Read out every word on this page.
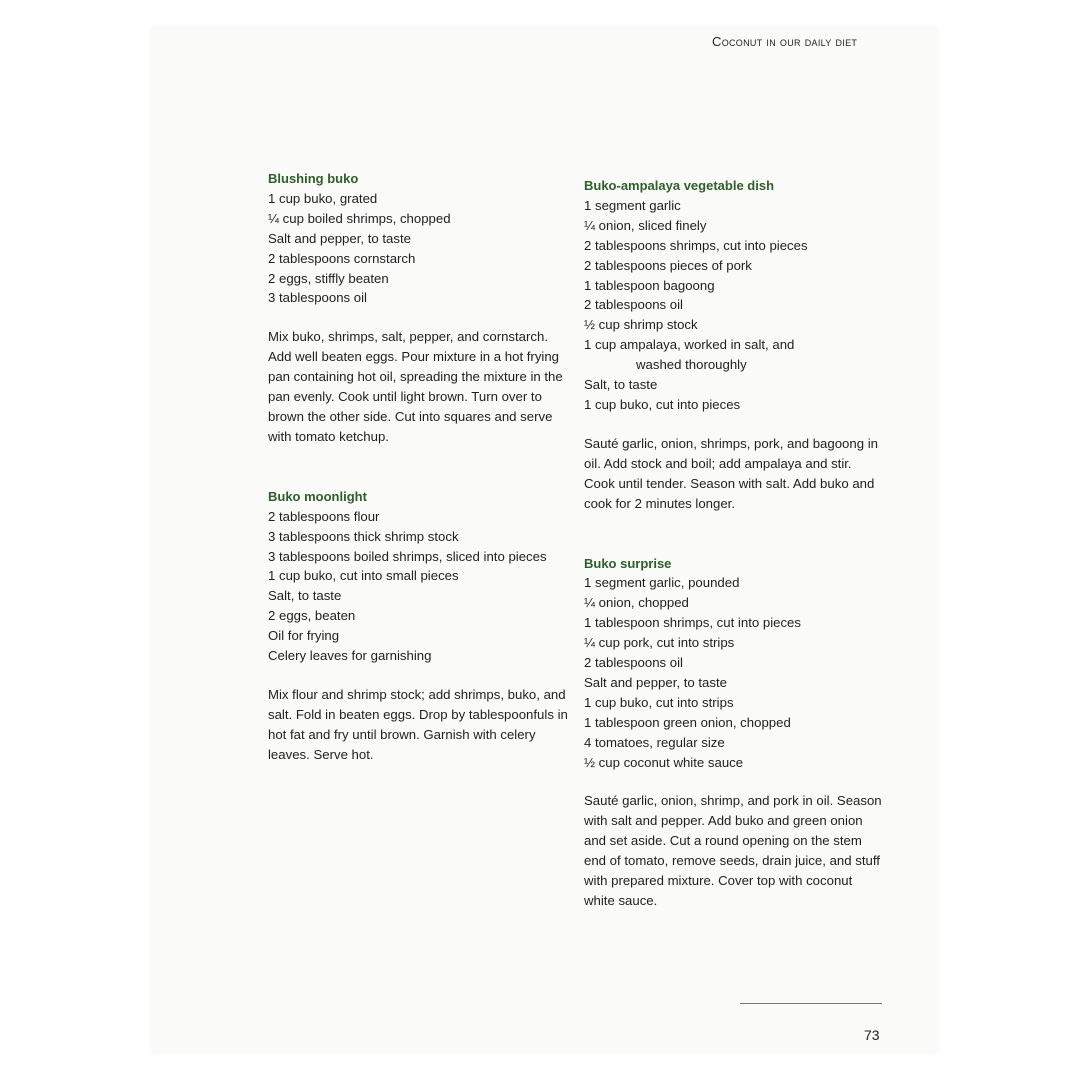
Coconut in our daily diet
Blushing buko
1 cup buko, grated
¼ cup boiled shrimps, chopped
Salt and pepper, to taste
2 tablespoons cornstarch
2 eggs, stiffly beaten
3 tablespoons oil

Mix buko, shrimps, salt, pepper, and cornstarch. Add well beaten eggs. Pour mixture in a hot frying pan containing hot oil, spreading the mixture in the pan evenly. Cook until light brown. Turn over to brown the other side. Cut into squares and serve with tomato ketchup.

Buko moonlight
2 tablespoons flour
3 tablespoons thick shrimp stock
3 tablespoons boiled shrimps, sliced into pieces
1 cup buko, cut into small pieces
Salt, to taste
2 eggs, beaten
Oil for frying
Celery leaves for garnishing

Mix flour and shrimp stock; add shrimps, buko, and salt. Fold in beaten eggs. Drop by tablespoonfuls in hot fat and fry until brown. Garnish with celery leaves. Serve hot.

Buko-ampalaya vegetable dish
1 segment garlic
¼ onion, sliced finely
2 tablespoons shrimps, cut into pieces
2 tablespoons pieces of pork
1 tablespoon bagoong
2 tablespoons oil
½ cup shrimp stock
1 cup ampalaya, worked in salt, and
washed thoroughly
Salt, to taste
1 cup buko, cut into pieces

Sauté garlic, onion, shrimps, pork, and bagoong in oil. Add stock and boil; add ampalaya and stir. Cook until tender. Season with salt. Add buko and cook for 2 minutes longer.

Buko surprise
1 segment garlic, pounded
¼ onion, chopped
1 tablespoon shrimps, cut into pieces
¼ cup pork, cut into strips
2 tablespoons oil
Salt and pepper, to taste
1 cup buko, cut into strips
1 tablespoon green onion, chopped
4 tomatoes, regular size
½ cup coconut white sauce

Sauté garlic, onion, shrimp, and pork in oil. Season with salt and pepper. Add buko and green onion and set aside. Cut a round opening on the stem end of tomato, remove seeds, drain juice, and stuff with prepared mixture. Cover top with coconut white sauce.

73
